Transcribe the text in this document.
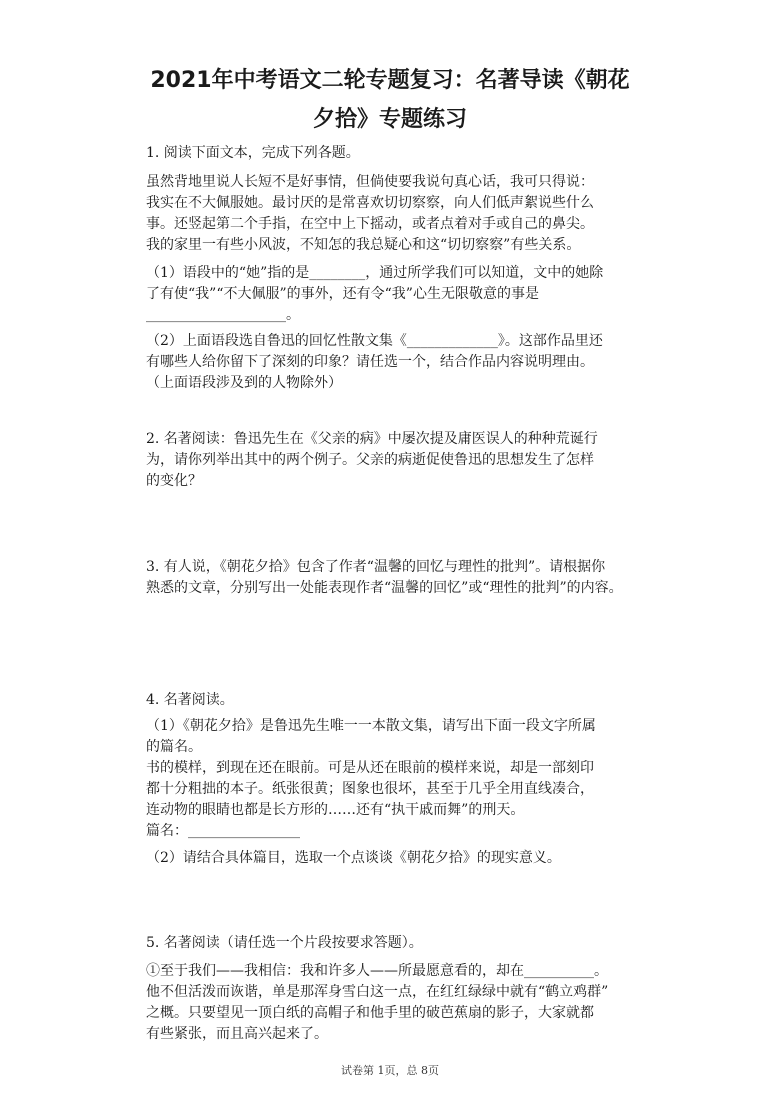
2021年中考语文二轮专题复习：名著导读《朝花
夕拾》专题练习
1. 阅读下面文本，完成下列各题。
虽然背地里说人长短不是好事情，但倘使要我说句真心话，我可只得说：
我实在不大佩服她。最讨厌的是常喜欢切切察察，向人们低声絮说些什么
事。还竖起第二个手指，在空中上下摇动，或者点着对手或自己的鼻尖。
我的家里一有些小风波，不知怎的我总疑心和这“切切察察”有些关系。
（1）语段中的“她”指的是________，通过所学我们可以知道，文中的她除
了有使“我”“不大佩服”的事外，还有令“我”心生无限敬意的事是
____________________。
（2）上面语段选自鲁迅的回忆性散文集《_____________》。这部作品里还
有哪些人给你留下了深刻的印象？请任选一个，结合作品内容说明理由。
（上面语段涉及到的人物除外）
2. 名著阅读：鲁迅先生在《父亲的病》中屡次提及庸医误人的种种荒诞行
为，请你列举出其中的两个例子。父亲的病逝促使鲁迅的思想发生了怎样
的变化？
3. 有人说，《朝花夕拾》包含了作者“温馨的回忆与理性的批判”。请根据你
熟悉的文章，分别写出一处能表现作者“温馨的回忆”或“理性的批判”的内容。
4. 名著阅读。
（1）《朝花夕拾》是鲁迅先生唯一一本散文集，请写出下面一段文字所属
的篇名。
书的模样，到现在还在眼前。可是从还在眼前的模样来说，却是一部刻印
都十分粗拙的本子。纸张很黄；图象也很坏，甚至于几乎全用直线凑合，
连动物的眼睛也都是长方形的……还有“执干戚而舞”的刑天。
篇名：________________
（2）请结合具体篇目，选取一个点谈谈《朝花夕拾》的现实意义。
5. 名著阅读（请任选一个片段按要求答题）。
①至于我们——我相信：我和许多人——所最愿意看的，却在__________。
他不但活泼而诙谐，单是那浑身雪白这一点，在红红绿绿中就有“鹤立鸡群”
之概。只要望见一顶白纸的高帽子和他手里的破芭蕉扇的影子，大家就都
有些紧张，而且高兴起来了。
试卷第 1页，总 8页
